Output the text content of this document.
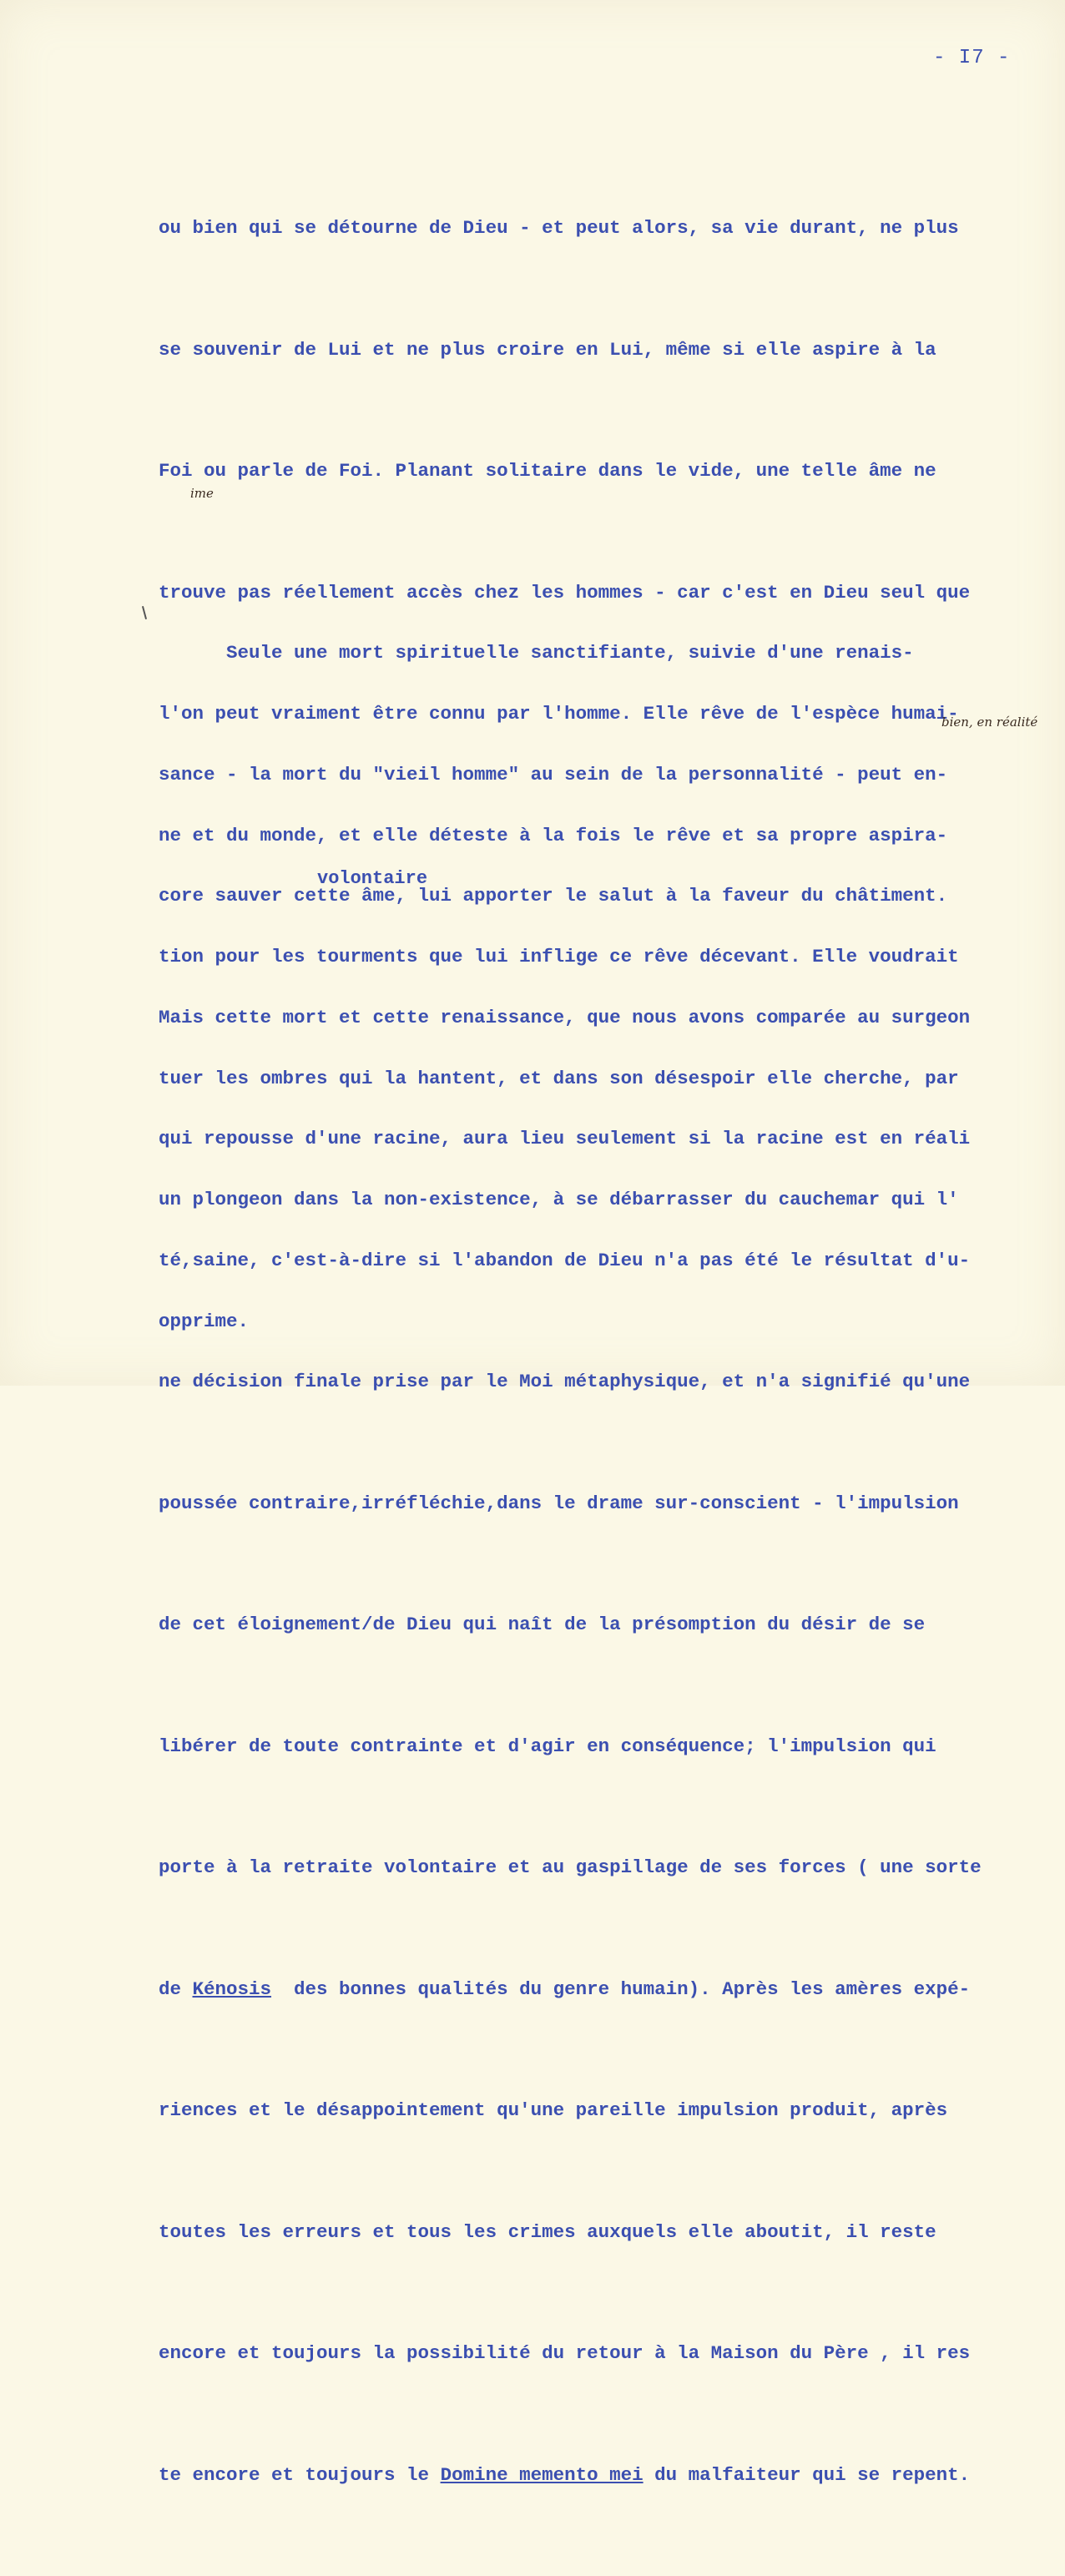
- I7 -

ou bien qui se détourne de Dieu - et peut alors, sa vie durant, ne plus

se souvenir de Lui et ne plus croire en Lui, même si elle aspire à la

Foi ou parle de Foi. Planant solitaire dans le vide, une telle âme ne

trouve pas réellement accès chez les hommes - car c'est en Dieu seul que

l'on peut vraiment être connu par l'homme. Elle rêve de l'espèce humai-

ne et du monde, et elle déteste à la fois le rêve et sa propre aspira-

tion pour les tourments que lui inflige ce rêve décevant. Elle voudrait

tuer les ombres qui la hantent, et dans son désespoir elle cherche, par

un plongeon dans la non-existence, à se débarrasser du cauchemar qui l'

opprime.

ime

Seule une mort spirituelle sanctifiante, suivie d'une renais-

sance - la mort du "vieil homme" au sein de la personnalité - peut en-

core sauver cette âme, lui apporter le salut à la faveur du châtiment.

Mais cette mort et cette renaissance, que nous avons comparée au surgeon

qui repousse d'une racine, aura lieu seulement si la racine est en réali

té,saine, c'est-à-dire si l'abandon de Dieu n'a pas été le résultat d'u-

ne décision finale prise par le Moi métaphysique, et n'a signifié qu'une

poussée contraire,irréfléchie,dans le drame sur-conscient - l'impulsion

de cet éloignement/de Dieu qui naît de la présomption du désir de se

libérer de toute contrainte et d'agir en conséquence; l'impulsion qui

porte à la retraite volontaire et au gaspillage de ses forces ( une sorte

de Kénosis  des bonnes qualités du genre humain). Après les amères expé-

riences et le désappointement qu'une pareille impulsion produit, après

toutes les erreurs et tous les crimes auxquels elle aboutit, il reste

encore et toujours la possibilité du retour à la Maison du Père , il res

te encore et toujours le Domine memento mei du malfaiteur qui se repent.

bien, en réalité
volontaire
